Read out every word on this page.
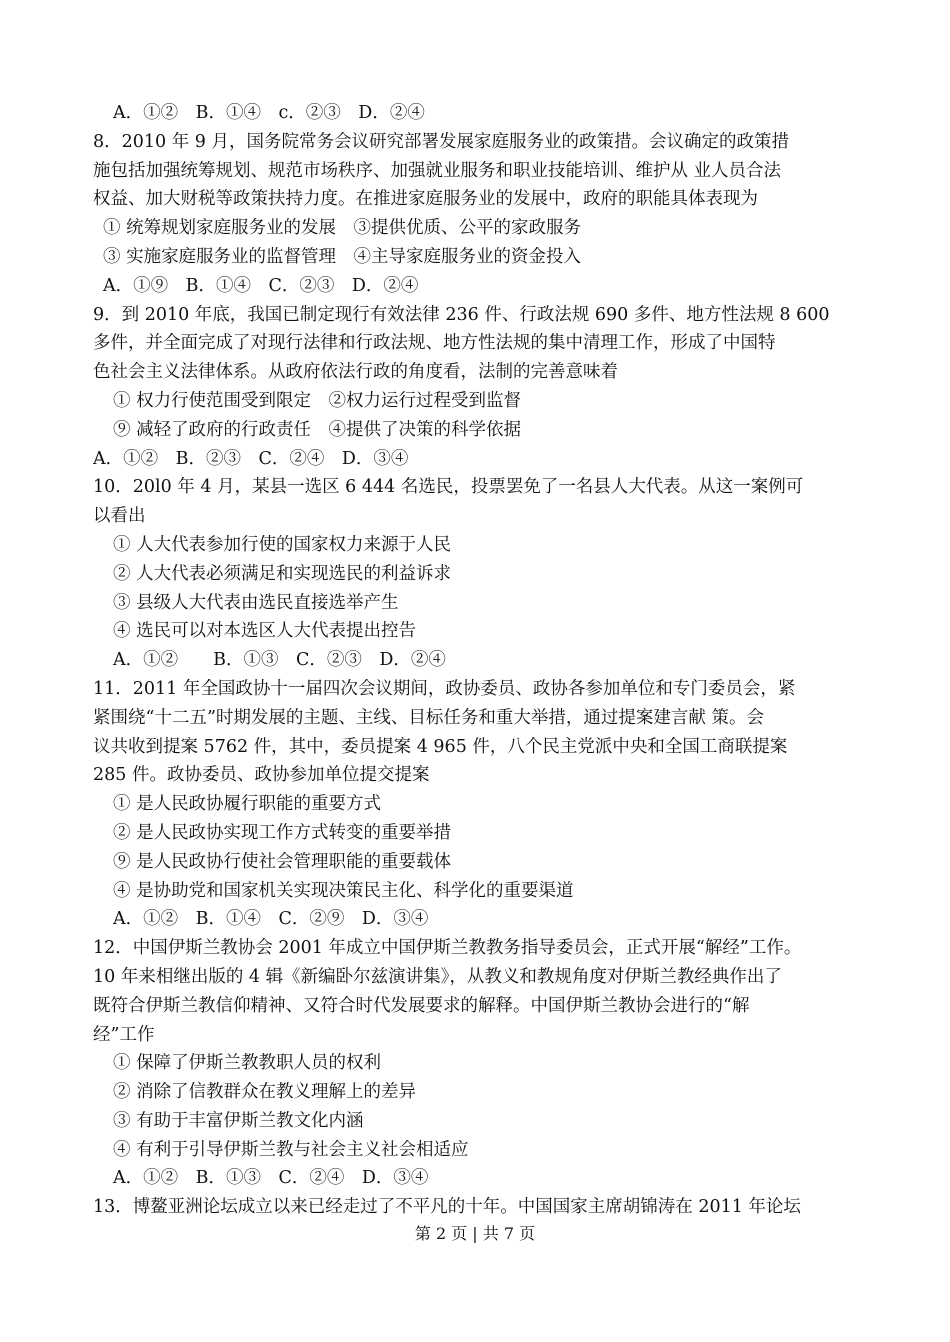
A．①②　B．①④　c．②③　D．②④
8．2010 年 9 月，国务院常务会议研究部署发展家庭服务业的政策措。会议确定的政策措
施包括加强统筹规划、规范市场秩序、加强就业服务和职业技能培训、维护从 业人员合法
权益、加大财税等政策扶持力度。在推进家庭服务业的发展中，政府的职能具体表现为
① 统筹规划家庭服务业的发展　③提供优质、公平的家政服务
③ 实施家庭服务业的监督管理　④主导家庭服务业的资金投入
A．①⑨　B．①④　C．②③　D．②④
9．到 2010 年底，我国已制定现行有效法律 236 件、行政法规 690 多件、地方性法规 8 600
多件，并全面完成了对现行法律和行政法规、地方性法规的集中清理工作，形成了中国特
色社会主义法律体系。从政府依法行政的角度看，法制的完善意味着
① 权力行使范围受到限定　②权力运行过程受到监督
⑨ 减轻了政府的行政责任　④提供了决策的科学依据
A．①②　B．②③　C．②④　D．③④
10．20l0 年 4 月，某县一选区 6 444 名选民，投票罢免了一名县人大代表。从这一案例可
以看出
① 人大代表参加行使的国家权力来源于人民
② 人大代表必须满足和实现选民的利益诉求
③ 县级人大代表由选民直接选举产生
④ 选民可以对本选区人大代表提出控告
A．①②　　B．①③　C．②③　D．②④
11．2011 年全国政协十一届四次会议期间，政协委员、政协各参加单位和专门委员会，紧
紧围绕“十二五”时期发展的主题、主线、目标任务和重大举措，通过提案建言献 策。会
议共收到提案 5762 件，其中，委员提案 4 965 件，八个民主党派中央和全国工商联提案
285 件。政协委员、政协参加单位提交提案
① 是人民政协履行职能的重要方式
② 是人民政协实现工作方式转变的重要举措
⑨ 是人民政协行使社会管理职能的重要载体
④ 是协助党和国家机关实现决策民主化、科学化的重要渠道
A．①②　B．①④　C．②⑨　D．③④
12．中国伊斯兰教协会 2001 年成立中国伊斯兰教教务指导委员会，正式开展“解经”工作。
10 年来相继出版的 4 辑《新编卧尔兹演讲集》，从教义和教规角度对伊斯兰教经典作出了
既符合伊斯兰教信仰精神、又符合时代发展要求的解释。中国伊斯兰教协会进行的“解
经”工作
① 保障了伊斯兰教教职人员的权利
② 消除了信教群众在教义理解上的差异
③ 有助于丰富伊斯兰教文化内涵
④ 有利于引导伊斯兰教与社会主义社会相适应
A．①②　B．①③　C．②④　D．③④
13．博鳌亚洲论坛成立以来已经走过了不平凡的十年。中国国家主席胡锦涛在 2011 年论坛
第 2 页 | 共 7 页
